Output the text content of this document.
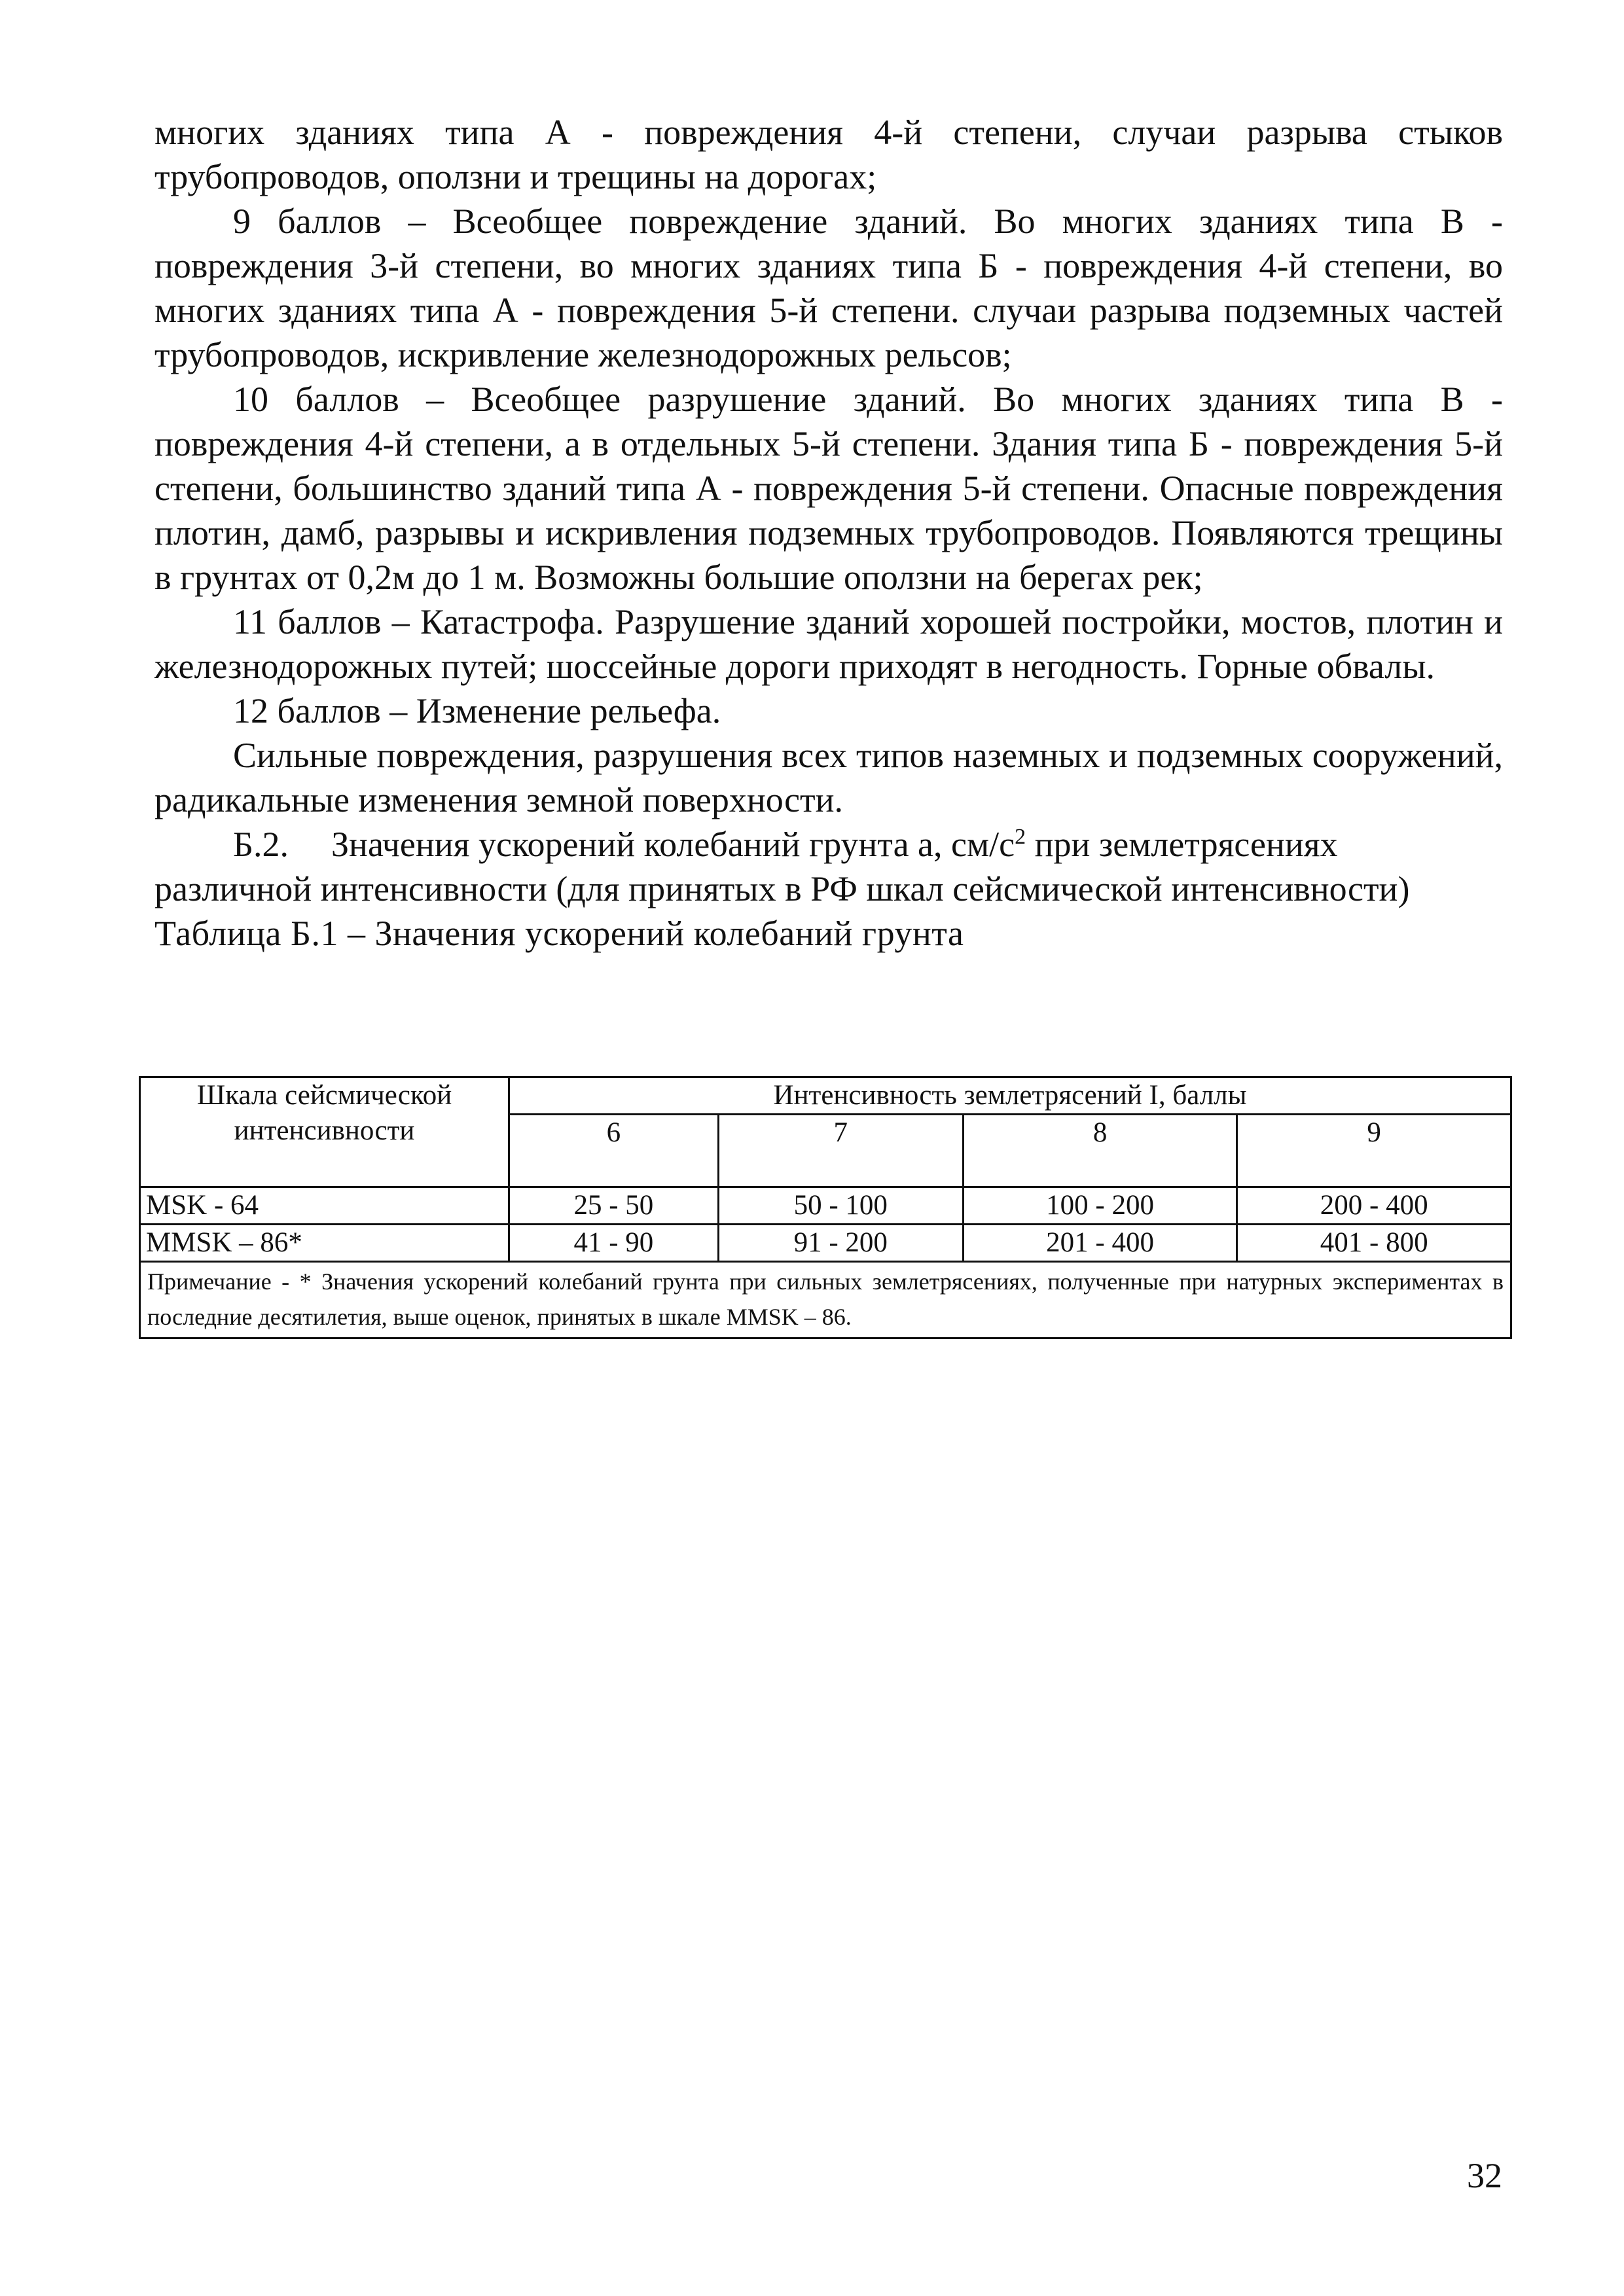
многих зданиях типа А - повреждения 4-й степени, случаи разрыва стыков трубопроводов, оползни и трещины на дорогах;

9 баллов – Всеобщее повреждение зданий. Во многих зданиях типа В - повреждения 3-й степени, во многих зданиях типа Б - повреждения 4-й степени, во многих зданиях типа А - повреждения 5-й степени. случаи разрыва подземных частей трубопроводов, искривление железнодорожных рельсов;

10 баллов – Всеобщее разрушение зданий. Во многих зданиях типа В - повреждения 4-й степени, а в отдельных 5-й степени. Здания типа Б - повреждения 5-й степени, большинство зданий типа А - повреждения 5-й степени. Опасные повреждения плотин, дамб, разрывы и искривления подземных трубопроводов. Появляются трещины в грунтах от 0,2м до 1 м. Возможны большие оползни на берегах рек;

11 баллов – Катастрофа. Разрушение зданий хорошей постройки, мостов, плотин и железнодорожных путей; шоссейные дороги приходят в негодность. Горные обвалы.

12 баллов – Изменение рельефа.

Сильные повреждения, разрушения всех типов наземных и подземных сооружений, радикальные изменения земной поверхности.

Б.2. Значения ускорений колебаний грунта a, $см/с^2$ при землетрясениях различной интенсивности (для принятых в РФ шкал сейсмической интенсивности)

Таблица Б.1 – Значения ускорений колебаний грунта

Шкала сейсмической интенсивности	Интенсивность землетрясений I, баллы			
	6	7	8	9
MSK - 64	25 - 50	50 - 100	100 - 200	200 - 400
MMSK – 86*	41 - 90	91 - 200	201 - 400	401 - 800
Примечание - * Значения ускорений колебаний грунта при сильных землетрясениях, полученные при натурных экспериментах в последние десятилетия, выше оценок, принятых в шкале MMSK – 86.				
32
